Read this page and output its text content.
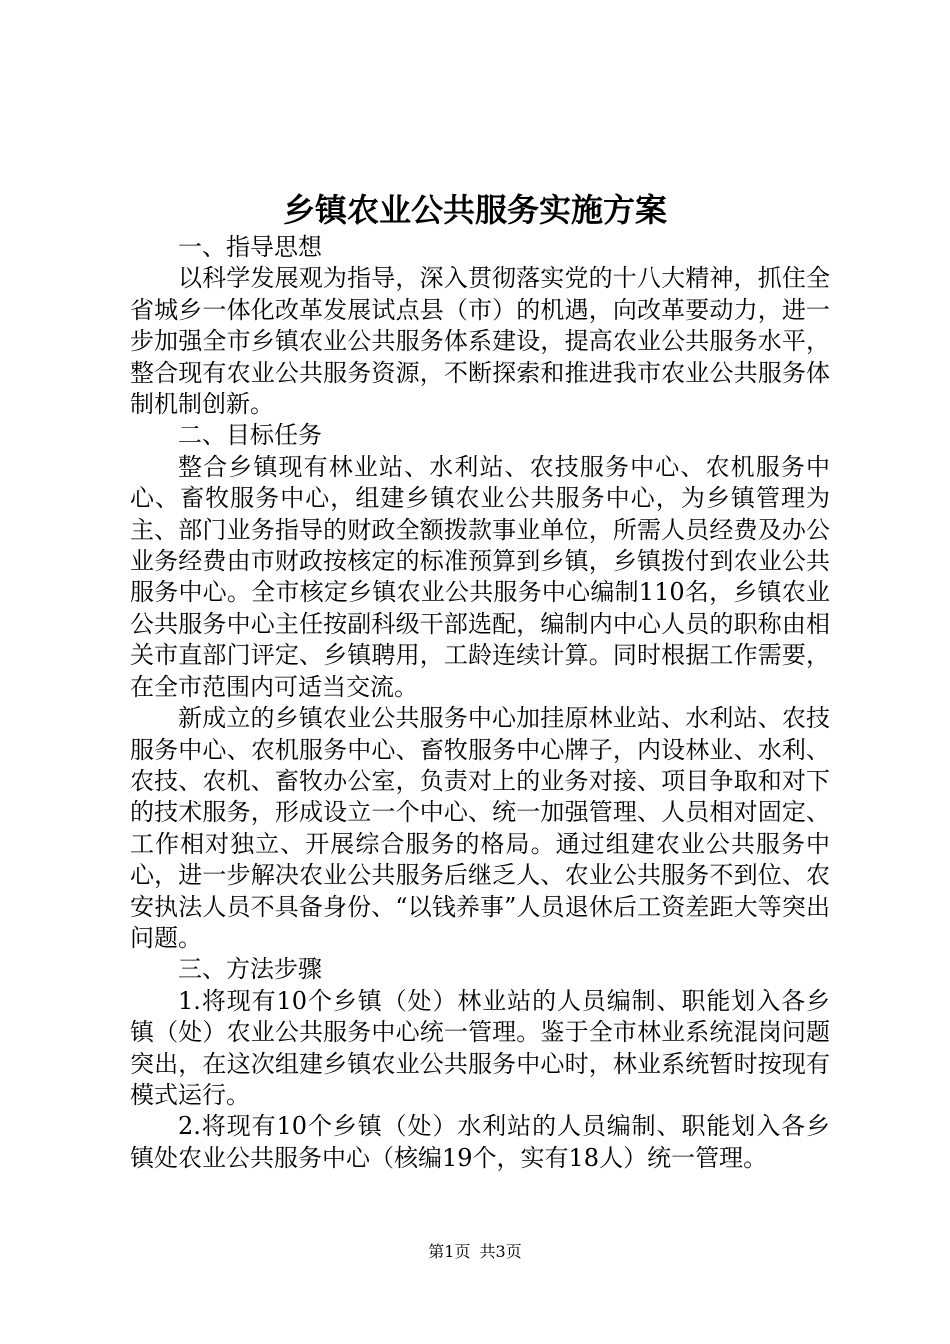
乡镇农业公共服务实施方案

一、指导思想

以科学发展观为指导，深入贯彻落实党的十八大精神，抓住全省城乡一体化改革发展试点县（市）的机遇，向改革要动力，进一步加强全市乡镇农业公共服务体系建设，提高农业公共服务水平，整合现有农业公共服务资源，不断探索和推进我市农业公共服务体制机制创新。

二、目标任务

整合乡镇现有林业站、水利站、农技服务中心、农机服务中心、畜牧服务中心，组建乡镇农业公共服务中心，为乡镇管理为主、部门业务指导的财政全额拨款事业单位，所需人员经费及办公业务经费由市财政按核定的标准预算到乡镇，乡镇拨付到农业公共服务中心。全市核定乡镇农业公共服务中心编制110名，乡镇农业公共服务中心主任按副科级干部选配，编制内中心人员的职称由相关市直部门评定、乡镇聘用，工龄连续计算。同时根据工作需要，在全市范围内可适当交流。

新成立的乡镇农业公共服务中心加挂原林业站、水利站、农技服务中心、农机服务中心、畜牧服务中心牌子，内设林业、水利、农技、农机、畜牧办公室，负责对上的业务对接、项目争取和对下的技术服务，形成设立一个中心、统一加强管理、人员相对固定、工作相对独立、开展综合服务的格局。通过组建农业公共服务中心，进一步解决农业公共服务后继乏人、农业公共服务不到位、农安执法人员不具备身份、“以钱养事”人员退休后工资差距大等突出问题。

三、方法步骤

1.将现有10个乡镇（处）林业站的人员编制、职能划入各乡镇（处）农业公共服务中心统一管理。鉴于全市林业系统混岗问题突出，在这次组建乡镇农业公共服务中心时，林业系统暂时按现有模式运行。

2.将现有10个乡镇（处）水利站的人员编制、职能划入各乡镇处农业公共服务中心（核编19个，实有18人）统一管理。

第1页 共3页
